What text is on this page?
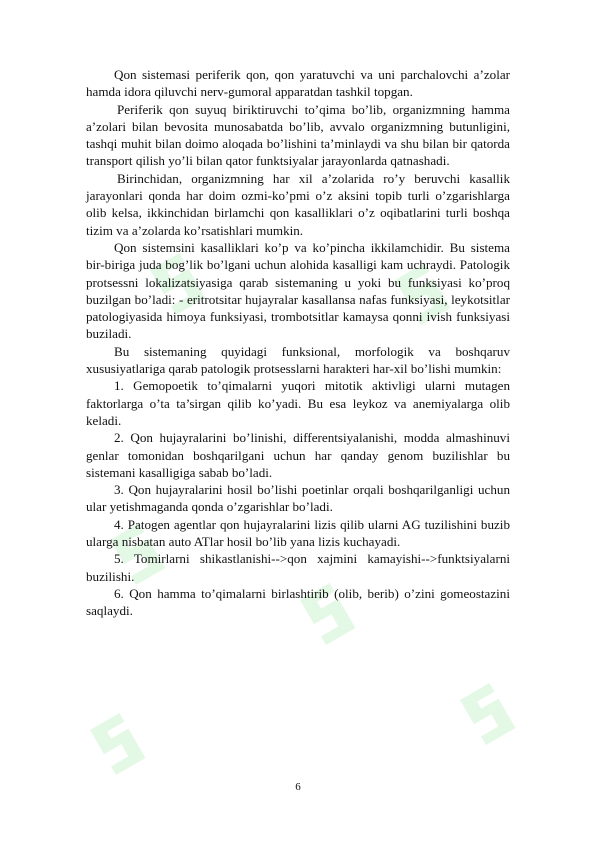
Qon sistemasi periferik qon, qon yaratuvchi va uni parchalovchi a’zolar hamda idora qiluvchi nerv-gumoral apparatdan tashkil topgan.

Periferik qon suyuq biriktiruvchi to’qima bo’lib, organizmning hamma a’zolari bilan bevosita munosabatda bo’lib, avvalo organizmning butunligini, tashqi muhit bilan doimo aloqada bo’lishini ta’minlaydi va shu bilan bir qatorda transport qilish yo’li bilan qator funktsiyalar jarayonlarda qatnashadi.

Birinchidan, organizmning har xil a’zolarida ro’y beruvchi kasallik jarayonlari qonda har doim ozmi-ko’pmi o’z aksini topib turli o’zgarishlarga olib kelsa, ikkinchidan birlamchi qon kasalliklari o’z oqibatlarini turli boshqa tizim va a’zolarda ko’rsatishlari mumkin.

Qon sistemsini kasalliklari ko’p va ko’pincha ikkilamchidir. Bu sistema bir-biriga juda bog’lik bo’lgani uchun alohida kasalligi kam uchraydi. Patologik protsessni lokalizatsiyasiga qarab sistemaning u yoki bu funksiyasi ko’proq buzilgan bo’ladi: - eritrotsitar hujayralar kasallansa nafas funksiyasi, leykotsitlar patologiyasida himoya funksiyasi, trombotsitlar kamaysa qonni ivish funksiyasi buziladi.

Bu sistemaning quyidagi funksional, morfologik va boshqaruv xususiyatlariga qarab patologik protsesslarni harakteri har-xil bo’lishi mumkin:

1. Gemopoetik to’qimalarni yuqori mitotik aktivligi ularni mutagen faktorlarga o’ta ta’sirgan qilib ko’yadi. Bu esa leykoz va anemiyalarga olib keladi.

2. Qon hujayralarini bo’linishi, differentsiyalanishi, modda almashinuvi genlar tomonidan boshqarilgani uchun har qanday genom buzilishlar bu sistemani kasalligiga sabab bo’ladi.

3. Qon hujayralarini hosil bo’lishi poetinlar orqali boshqarilganligi uchun ular yetishmaganda qonda o’zgarishlar bo’ladi.

4. Patogen agentlar qon hujayralarini lizis qilib ularni AG tuzilishini buzib ularga nisbatan auto ATlar hosil bo’lib yana lizis kuchayadi.

5. Tomirlarni shikastlanishi-->qon xajmini kamayishi-->funktsiyalarni buzilishi.

6. Qon hamma to’qimalarni birlashtirib (olib, berib) o’zini gomeostazini saqlaydi.

6
